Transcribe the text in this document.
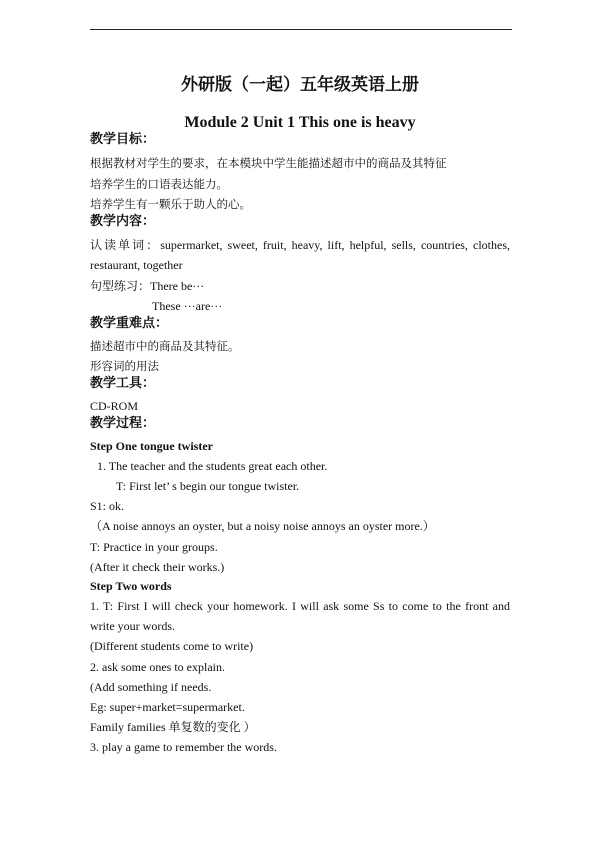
外研版（一起）五年级英语上册
Module 2 Unit 1 This one is heavy
教学目标：
根据教材对学生的要求，在本模块中学生能描述超市中的商品及其特征
培养学生的口语表达能力。
培养学生有一颗乐于助人的心。
教学内容：
认读单词：supermarket, sweet, fruit, heavy, lift, helpful, sells, countries, clothes,
restaurant, together
句型练习：There be···
These ···are···
教学重难点：
描述超市中的商品及其特征。
形容词的用法
教学工具：
CD-ROM
教学过程：
Step One tongue twister
1. The teacher and the students great each other.
T: First let’ s begin our tongue twister.
S1: ok.
（A noise annoys an oyster, but a noisy noise annoys an oyster more.）
T: Practice in your groups.
(After it check their works.)
Step Two words
1. T: First I will check your homework. I will ask some Ss to come to the front and
write your words.
(Different students come to write)
2. ask some ones to explain.
(Add something if needs.
Eg: super+market=supermarket.
Family families 单复数的变化 ）
3. play a game to remember the words.
